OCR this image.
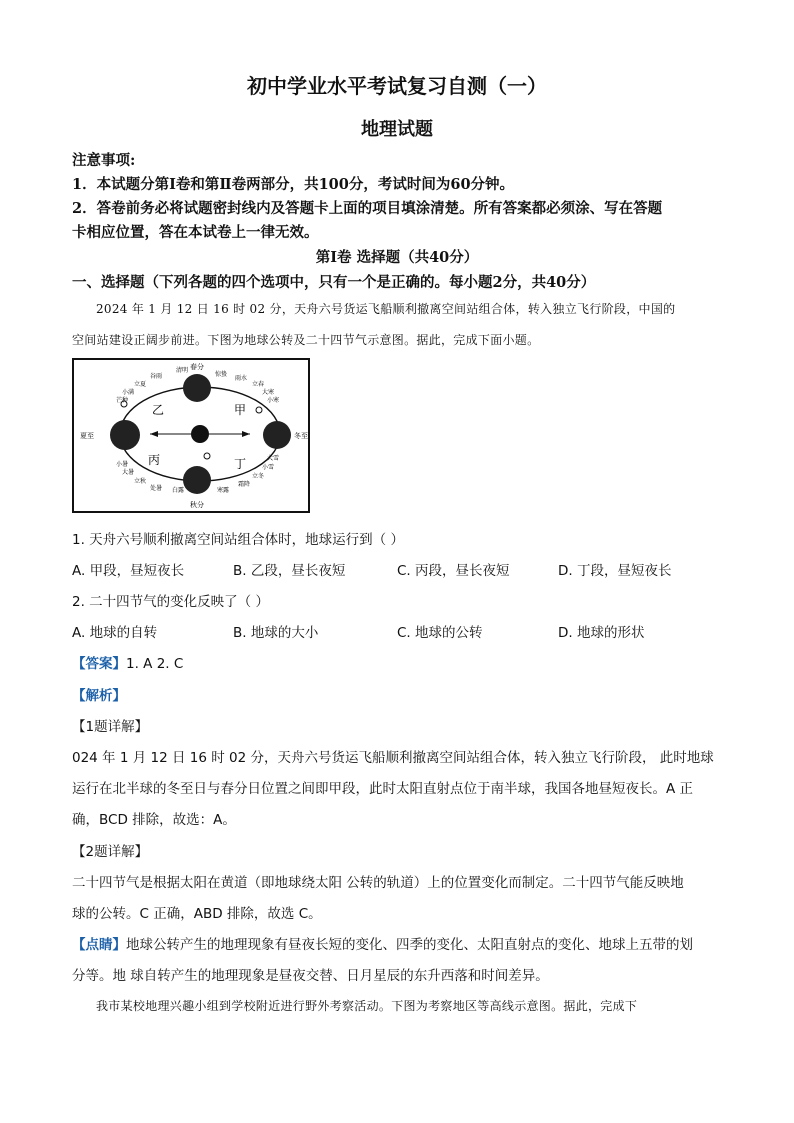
初中学业水平考试复习自测（一）
地理试题
注意事项:
1．本试题分第Ⅰ卷和第Ⅱ卷两部分，共100分，考试时间为60分钟。
2．答卷前务必将试题密封线内及答题卡上面的项目填涂清楚。所有答案都必须涂、写在答题
卡相应位置，答在本试卷上一律无效。
第Ⅰ卷 选择题（共40分）
一、选择题（下列各题的四个选项中，只有一个是正确的。每小题2分，共40分）
2024 年 1 月 12 日 16 时 02 分，天舟六号货运飞船顺利撤离空间站组合体，转入独立飞行阶段，中国的
空间站建设正阔步前进。下图为地球公转及二十四节气示意图。据此，完成下面小题。
春分
秋分
夏至	冬至
乙	甲
丙	丁
清明
谷雨
立夏
小满
芒种
惊蛰
雨水
立春
大寒
小寒
小暑
大暑
立秋
处暑 白露	寒露
霜降
立冬
小雪
大雪
1. 天舟六号顺利撤离空间站组合体时，地球运行到（ ）
A. 甲段，昼短夜长	B. 乙段，昼长夜短	C. 丙段，昼长夜短	D. 丁段，昼短夜长
2. 二十四节气的变化反映了（ ）
A. 地球的自转	B. 地球的大小	C. 地球的公转	D. 地球的形状
【答案】1. A 2. C
【解析】
【1题详解】
024 年 1 月 12 日 16 时 02 分，天舟六号货运飞船顺利撤离空间站组合体，转入独立飞行阶段， 此时地球
运行在北半球的冬至日与春分日位置之间即甲段，此时太阳直射点位于南半球，我国各地昼短夜长。A 正
确，BCD 排除，故选：A。
【2题详解】
二十四节气是根据太阳在黄道（即地球绕太阳 公转的轨道）上的位置变化而制定。二十四节气能反映地
球的公转。C 正确，ABD 排除，故选 C。
【点睛】地球公转产生的地理现象有昼夜长短的变化、四季的变化、太阳直射点的变化、地球上五带的划
分等。地 球自转产生的地理现象是昼夜交替、日月星辰的东升西落和时间差异。
我市某校地理兴趣小组到学校附近进行野外考察活动。下图为考察地区等高线示意图。据此，完成下
